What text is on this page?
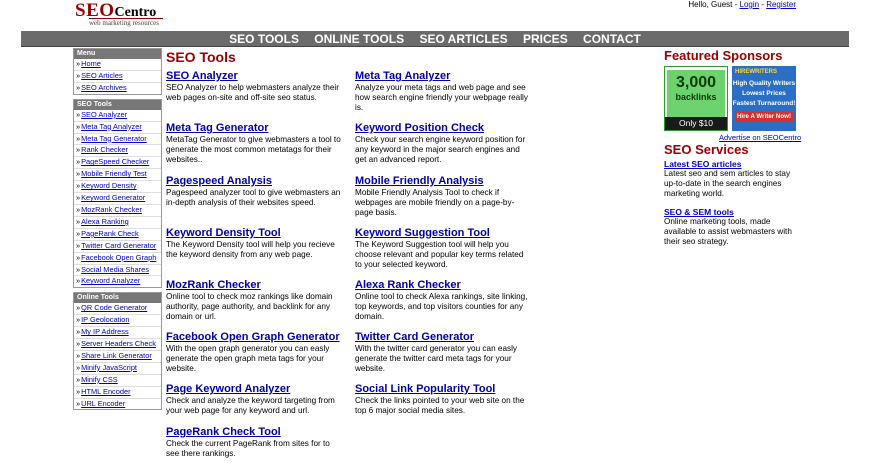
SEOCentro
web marketing resources
Hello, Guest - Login - Register
SEO TOOLS ONLINE TOOLS SEO ARTICLES PRICES CONTACT
Menu
»Home
»SEO Articles
»SEO Archives
SEO Tools
»SEO Analyzer
»Meta Tag Analyzer
»Meta Tag Generator
»Rank Checker
»PageSpeed Checker
»Mobile Friendly Test
»Keyword Density
»Keyword Generator
»MozRank Checker
»Alexa Ranking
»PageRank Check
»Twitter Card Generator
»Facebook Open Graph
»Social Media Shares
»Keyword Analyzer
Online Tools
»QR Code Generator
»IP Geolocation
»My IP Address
»Server Headers Check
»Share Link Generator
»Minify JavaScript
»Minify CSS
»HTML Encoder
»URL Encoder
SEO Tools
SEO Analyzer
SEO Analyzer to help webmasters analyze their web pages on-site and off-site seo status.
Meta Tag Analyzer
Analyze your meta tags and web page and see how search engine friendly your webpage really is.
Meta Tag Generator
MetaTag Generator to give webmasters a tool to generate the most common metatags for their websites..
Keyword Position Check
Check your search engine keyword position for any keyword in the major search engines and get an advanced report.
Pagespeed Analysis
Pagespeed analyzer tool to give webmasters an in-depth analysis of their websites speed.
Mobile Friendly Analysis
Mobile Friendly Analysis Tool to check if webpages are mobile friendly on a page-by-page basis.
Keyword Density Tool
The Keyword Density tool will help you recieve the keyword density from any web page.
Keyword Suggestion Tool
The Keyword Suggestion tool will help you choose relevant and popular key terms related to your selected keyword.
MozRank Checker
Online tool to check moz rankings like domain authority, page authority, and backlink for any domain or url.
Alexa Rank Checker
Online tool to check Alexa rankings, site linking, top keywords, and top visitors counties for any domain.
Facebook Open Graph Generator
With the open graph generator you can easly generate the open graph meta tags for your website.
Twitter Card Generator
With the twitter card generator you can easly generate the twitter card meta tags for your website.
Page Keyword Analyzer
Check and analyze the keyword targeting from your web page for any keyword and url.
Social Link Popularity Tool
Check the links pointed to your web site on the top 6 major social media sites.
PageRank Check Tool
Check the current PageRank from sites for to see there rankings.
Featured Sponsors
3,000
backlinks
Only $10
HIREWRITERS
High Quality Writers
Lowest Prices
Fastest Turnaround!
Hire A Writer Now!
Advertise on SEOCentro
SEO Services
Latest SEO articles
Latest seo and sem articles to stay up-to-date in the search engines marketing world.
SEO & SEM tools
Online marketing tools, made available to assist webmasters with their seo strategy.
